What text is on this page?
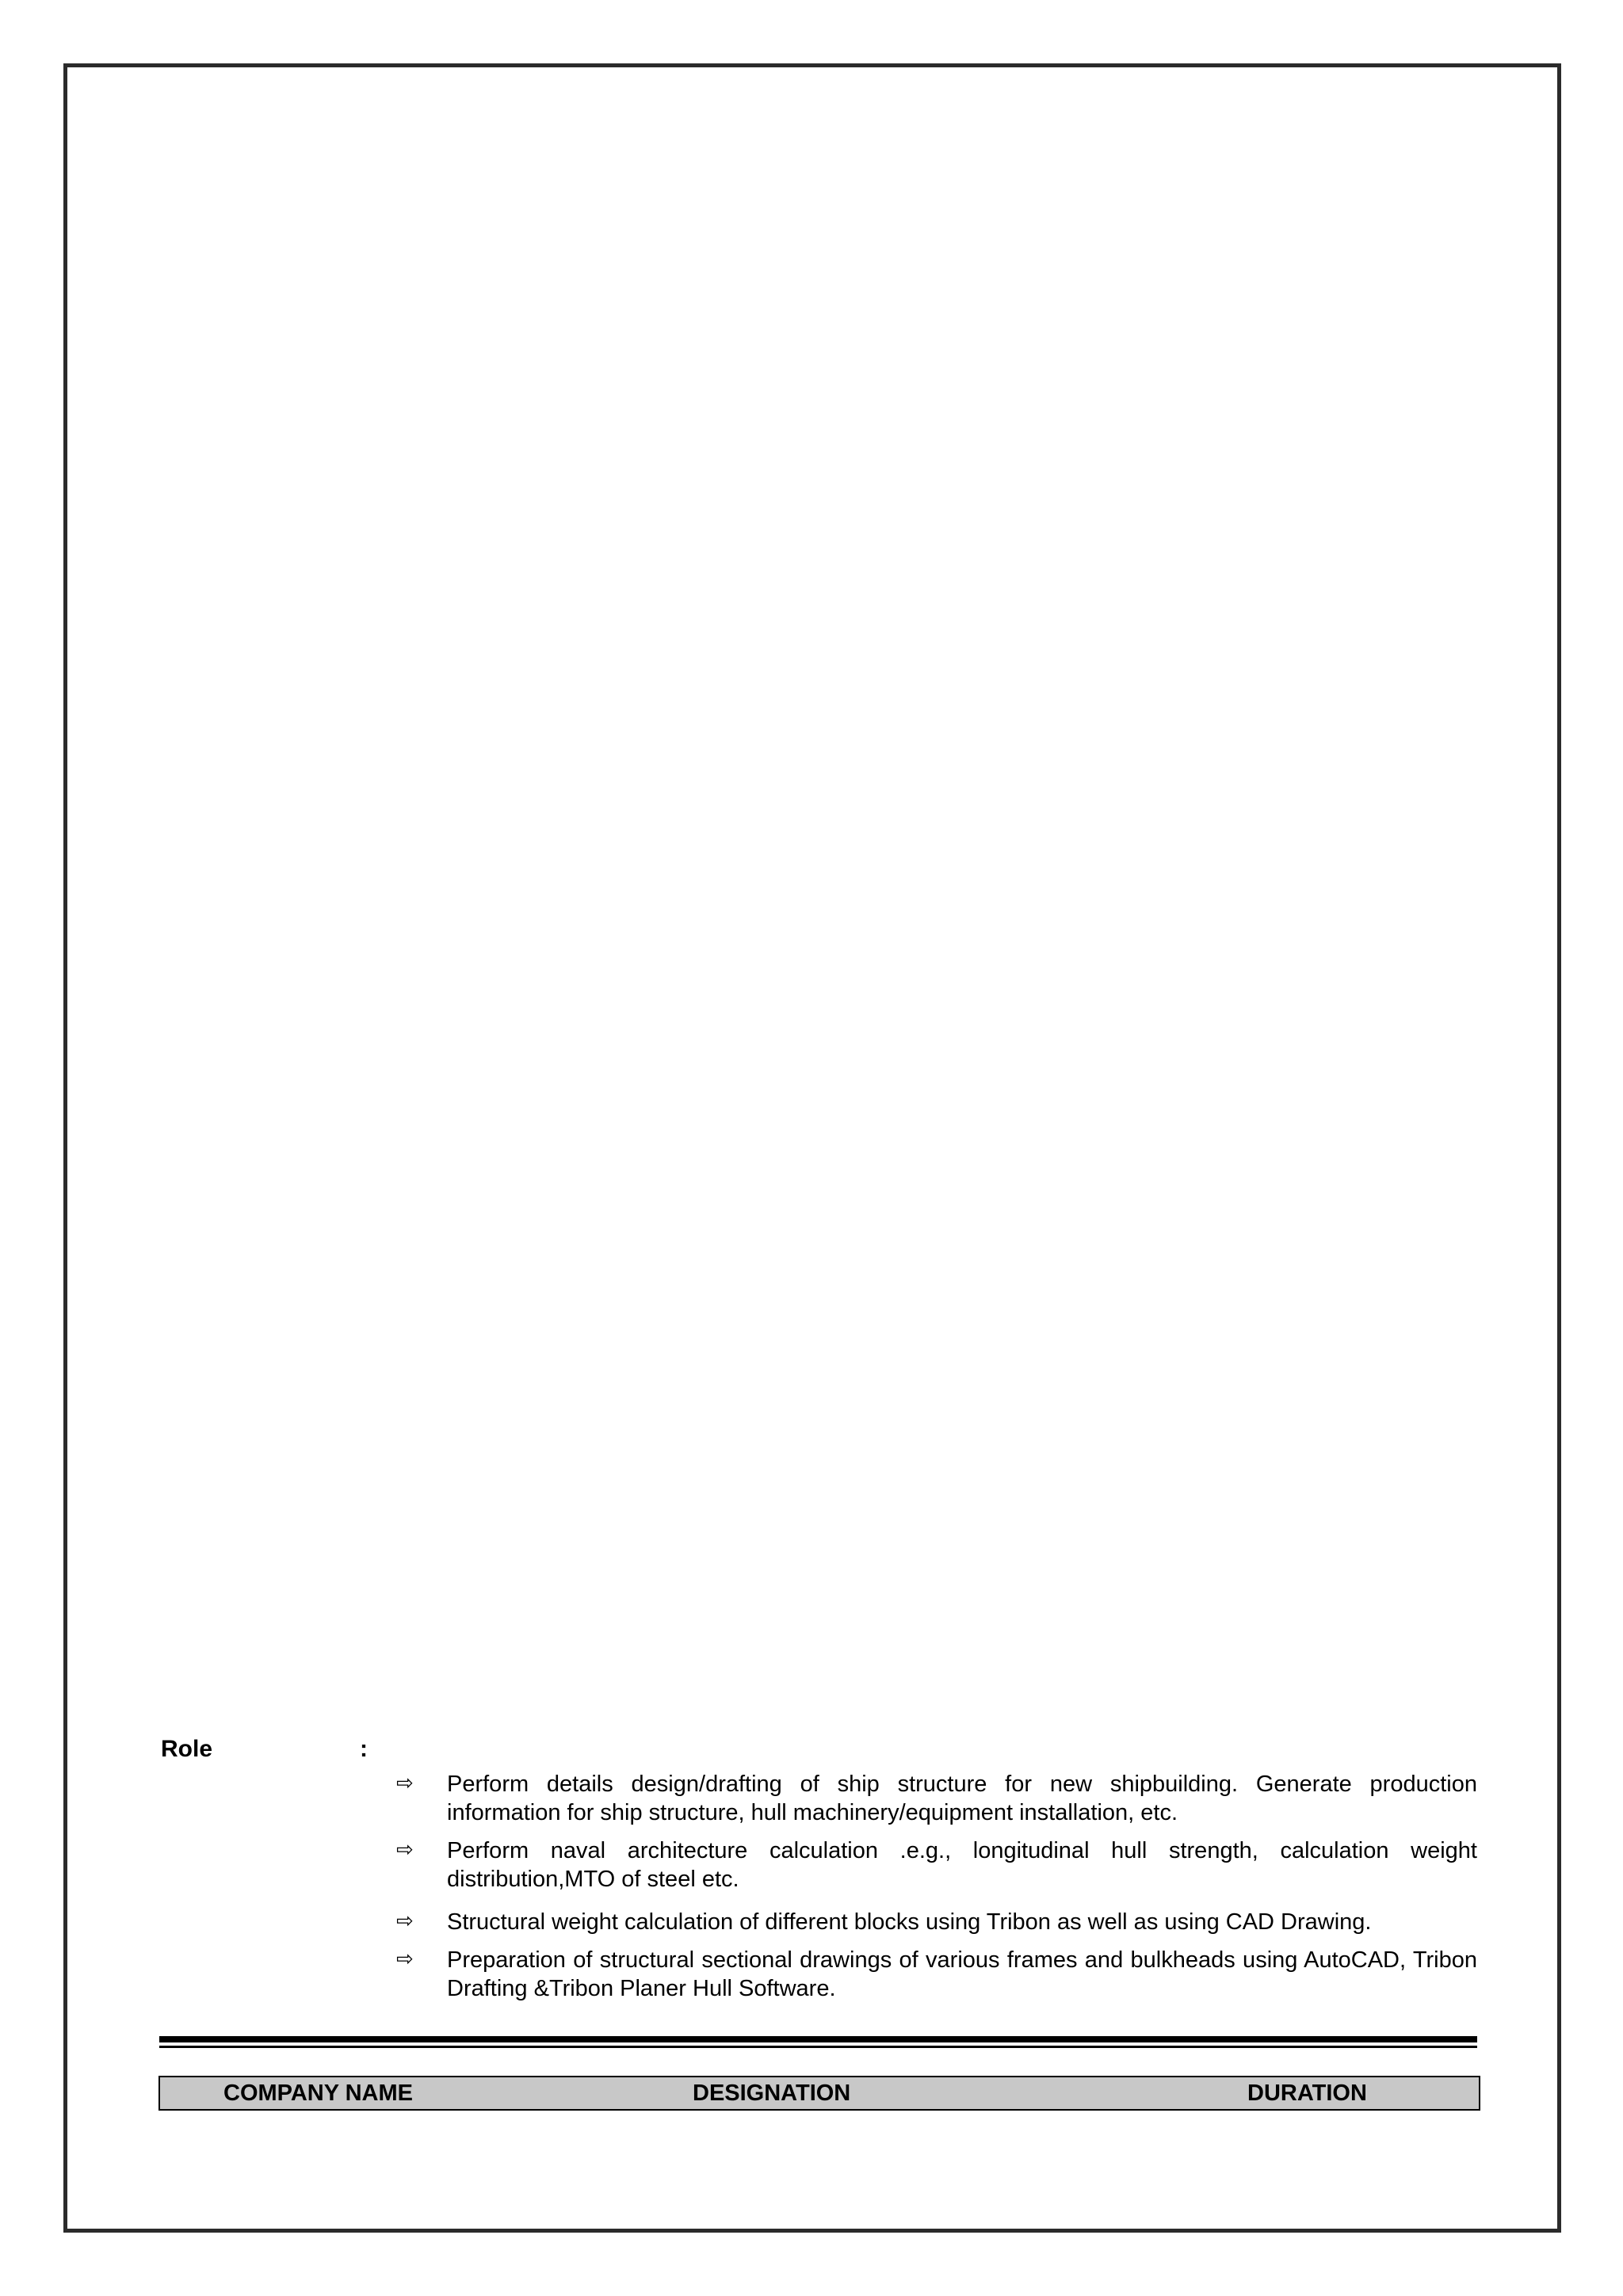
Role	:
⇨ Perform details design/drafting of ship structure for new shipbuilding. Generate production information for ship structure, hull machinery/equipment installation, etc.
⇨ Perform naval architecture calculation .e.g., longitudinal hull strength, calculation weight distribution,MTO of steel etc.
⇨ Structural weight calculation of different blocks using Tribon as well as using CAD Drawing.
⇨ Preparation of structural sectional drawings of various frames and bulkheads using AutoCAD, Tribon Drafting &Tribon Planer Hull Software.
COMPANY NAME	DESIGNATION	DURATION
